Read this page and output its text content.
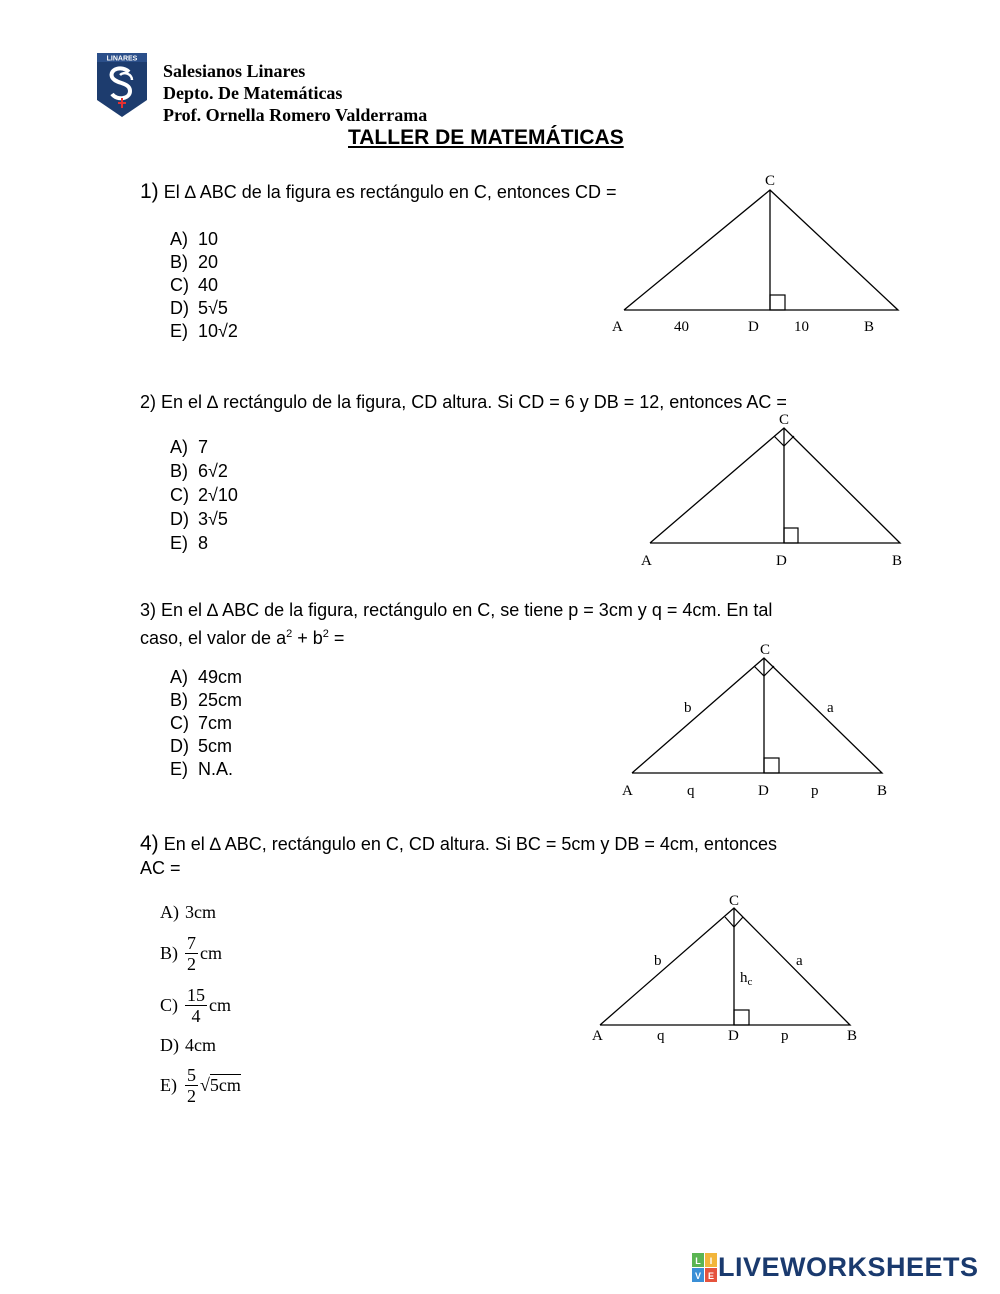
LINARES
Salesianos Linares
Depto. De Matemáticas
Prof. Ornella Romero Valderrama
TALLER DE MATEMÁTICAS
1) El ∆ ABC de la figura es rectángulo en C, entonces CD =
A) 10
B) 20
C) 40
D) 5√5
E) 10√2
C
A	40	D 10	B
2) En el ∆ rectángulo de la figura, CD altura. Si CD = 6 y DB = 12, entonces AC =
A) 7
B) 6√2
C) 2√10
D) 3√5
E) 8
C
A	D	B
3) En el ∆ ABC de la figura, rectángulo en C, se tiene p = 3cm y q = 4cm. En tal
caso, el valor de $a^2 + b^2$ =
A) 49cm
B) 25cm
C) 7cm
D) 5cm
E) N.A.
C
b	a
A	q	D	p	B
4) En el ∆ ABC, rectángulo en C, CD altura. Si BC = 5cm y DB = 4cm, entonces
AC =
A) 3cm
$B) \frac{7}{2}$ cm
$C) \frac{15}{4}$ cm
D) 4cm
$E) \frac{5}{2}$ √ 5cm
C
b	a
$h_c$
A	q	D	p	B
L I
V E LIVEWORKSHEETS
